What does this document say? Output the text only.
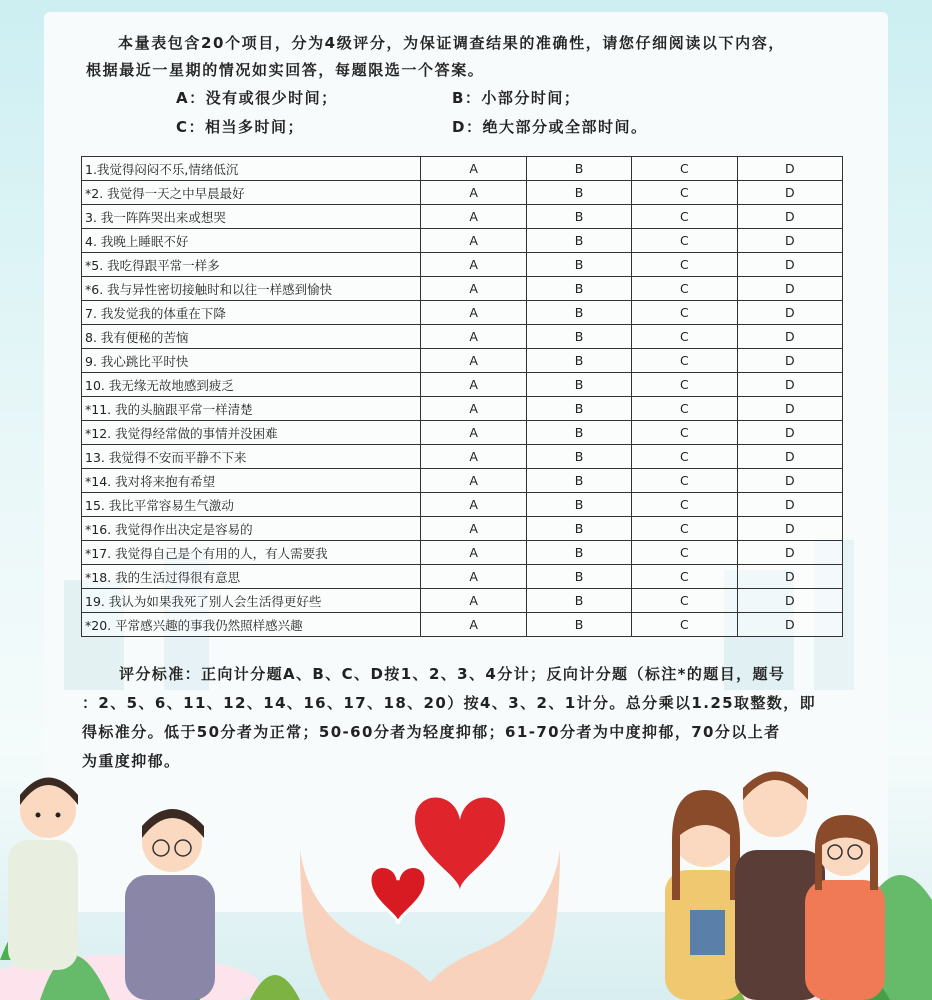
本量表包含20个项目，分为4级评分，为保证调查结果的准确性，请您仔细阅读以下内容，
根据最近一星期的情况如实回答，每题限选一个答案。
A：没有或很少时间；	B：小部分时间；
C：相当多时间；	D：绝大部分或全部时间。
1.我觉得闷闷不乐,情绪低沉	A	B	C	D
*2. 我觉得一天之中早晨最好	A	B	C	D
3. 我一阵阵哭出来或想哭	A	B	C	D
4. 我晚上睡眠不好	A	B	C	D
*5. 我吃得跟平常一样多	A	B	C	D
*6. 我与异性密切接触时和以往一样感到愉快	A	B	C	D
7. 我发觉我的体重在下降	A	B	C	D
8. 我有便秘的苦恼	A	B	C	D
9. 我心跳比平时快	A	B	C	D
10. 我无缘无故地感到疲乏	A	B	C	D
*11. 我的头脑跟平常一样清楚	A	B	C	D
*12. 我觉得经常做的事情并没困难	A	B	C	D
13. 我觉得不安而平静不下来	A	B	C	D
*14. 我对将来抱有希望	A	B	C	D
15. 我比平常容易生气激动	A	B	C	D
*16. 我觉得作出决定是容易的	A	B	C	D
*17. 我觉得自己是个有用的人，有人需要我	A	B	C	D
*18. 我的生活过得很有意思	A	B	C	D
19. 我认为如果我死了别人会生活得更好些	A	B	C	D
*20. 平常感兴趣的事我仍然照样感兴趣	A	B	C	D
评分标准：正向计分题A、B、C、D按1、2、3、4分计；反向计分题（标注*的题目，题号
：2、5、6、11、12、14、16、17、18、20）按4、3、2、1计分。总分乘以1.25取整数，即
得标准分。低于50分者为正常；50-60分者为轻度抑郁；61-70分者为中度抑郁，70分以上者
为重度抑郁。
